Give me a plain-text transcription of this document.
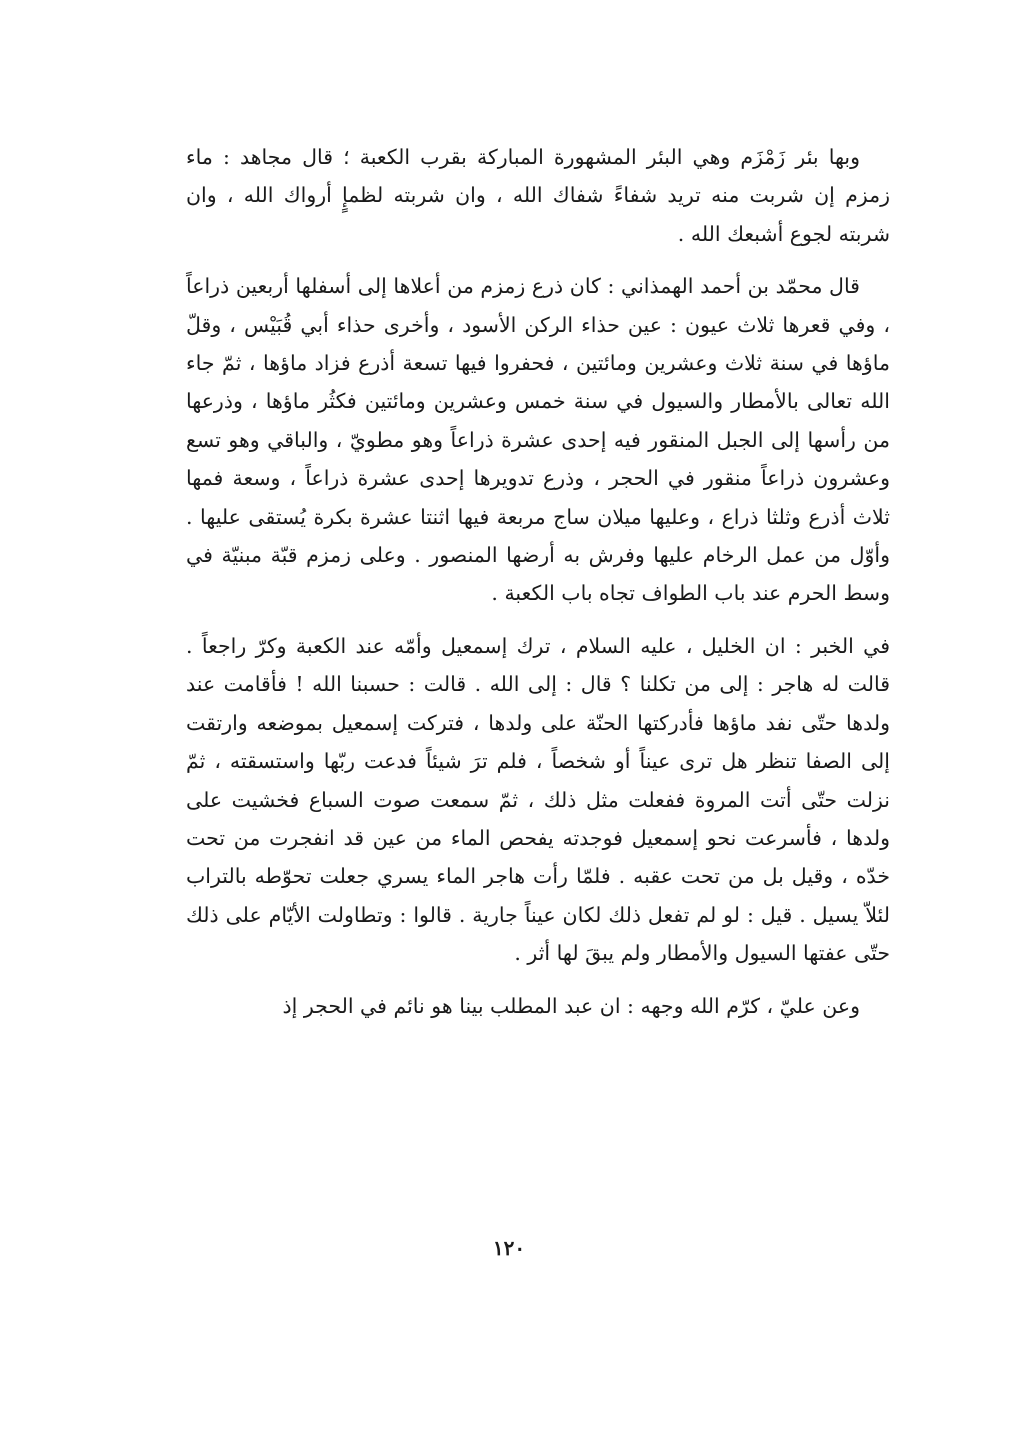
وبها بئر زَمْزَم وهي البئر المشهورة المباركة بقرب الكعبة ؛ قال مجاهد : ماء زمزم إن شربت منه تريد شفاءً شفاك الله ، وان شربته لظمإٍ أرواك الله ، وان شربته لجوع أشبعك الله .

قال محمّد بن أحمد الهمذاني : كان ذرع زمزم من أعلاها إلى أسفلها أربعين ذراعاً ، وفي قعرها ثلاث عيون : عين حذاء الركن الأسود ، وأخرى حذاء أبي قُبَيْس ، وقلّ ماؤها في سنة ثلاث وعشرين ومائتين ، فحفروا فيها تسعة أذرع فزاد ماؤها ، ثمّ جاء الله تعالى بالأمطار والسيول في سنة خمس وعشرين ومائتين فكثُر ماؤها ، وذرعها من رأسها إلى الجبل المنقور فيه إحدى عشرة ذراعاً وهو مطويّ ، والباقي وهو تسع وعشرون ذراعاً منقور في الحجر ، وذرع تدويرها إحدى عشرة ذراعاً ، وسعة فمها ثلاث أذرع وثلثا ذراع ، وعليها ميلان ساج مربعة فيها اثنتا عشرة بكرة يُستقى عليها . وأوّل من عمل الرخام عليها وفرش به أرضها المنصور . وعلى زمزم قبّة مبنيّة في وسط الحرم عند باب الطواف تجاه باب الكعبة .

في الخبر : ان الخليل ، عليه السلام ، ترك إسمعيل وأمّه عند الكعبة وكرّ راجعاً . قالت له هاجر : إلى من تكلنا ؟ قال : إلى الله . قالت : حسبنا الله ! فأقامت عند ولدها حتّى نفد ماؤها فأدركتها الحنّة على ولدها ، فتركت إسمعيل بموضعه وارتقت إلى الصفا تنظر هل ترى عيناً أو شخصاً ، فلم ترَ شيئاً فدعت ربّها واستسقته ، ثمّ نزلت حتّى أتت المروة ففعلت مثل ذلك ، ثمّ سمعت صوت السباع فخشيت على ولدها ، فأسرعت نحو إسمعيل فوجدته يفحص الماء من عين قد انفجرت من تحت خدّه ، وقيل بل من تحت عقبه . فلمّا رأت هاجر الماء يسري جعلت تحوّطه بالتراب لئلاّ يسيل . قيل : لو لم تفعل ذلك لكان عيناً جارية . قالوا : وتطاولت الأيّام على ذلك حتّى عفتها السيول والأمطار ولم يبقَ لها أثر .

وعن عليّ ، كرّم الله وجهه : ان عبد المطلب بينا هو نائم في الحجر إذ

١٢٠
